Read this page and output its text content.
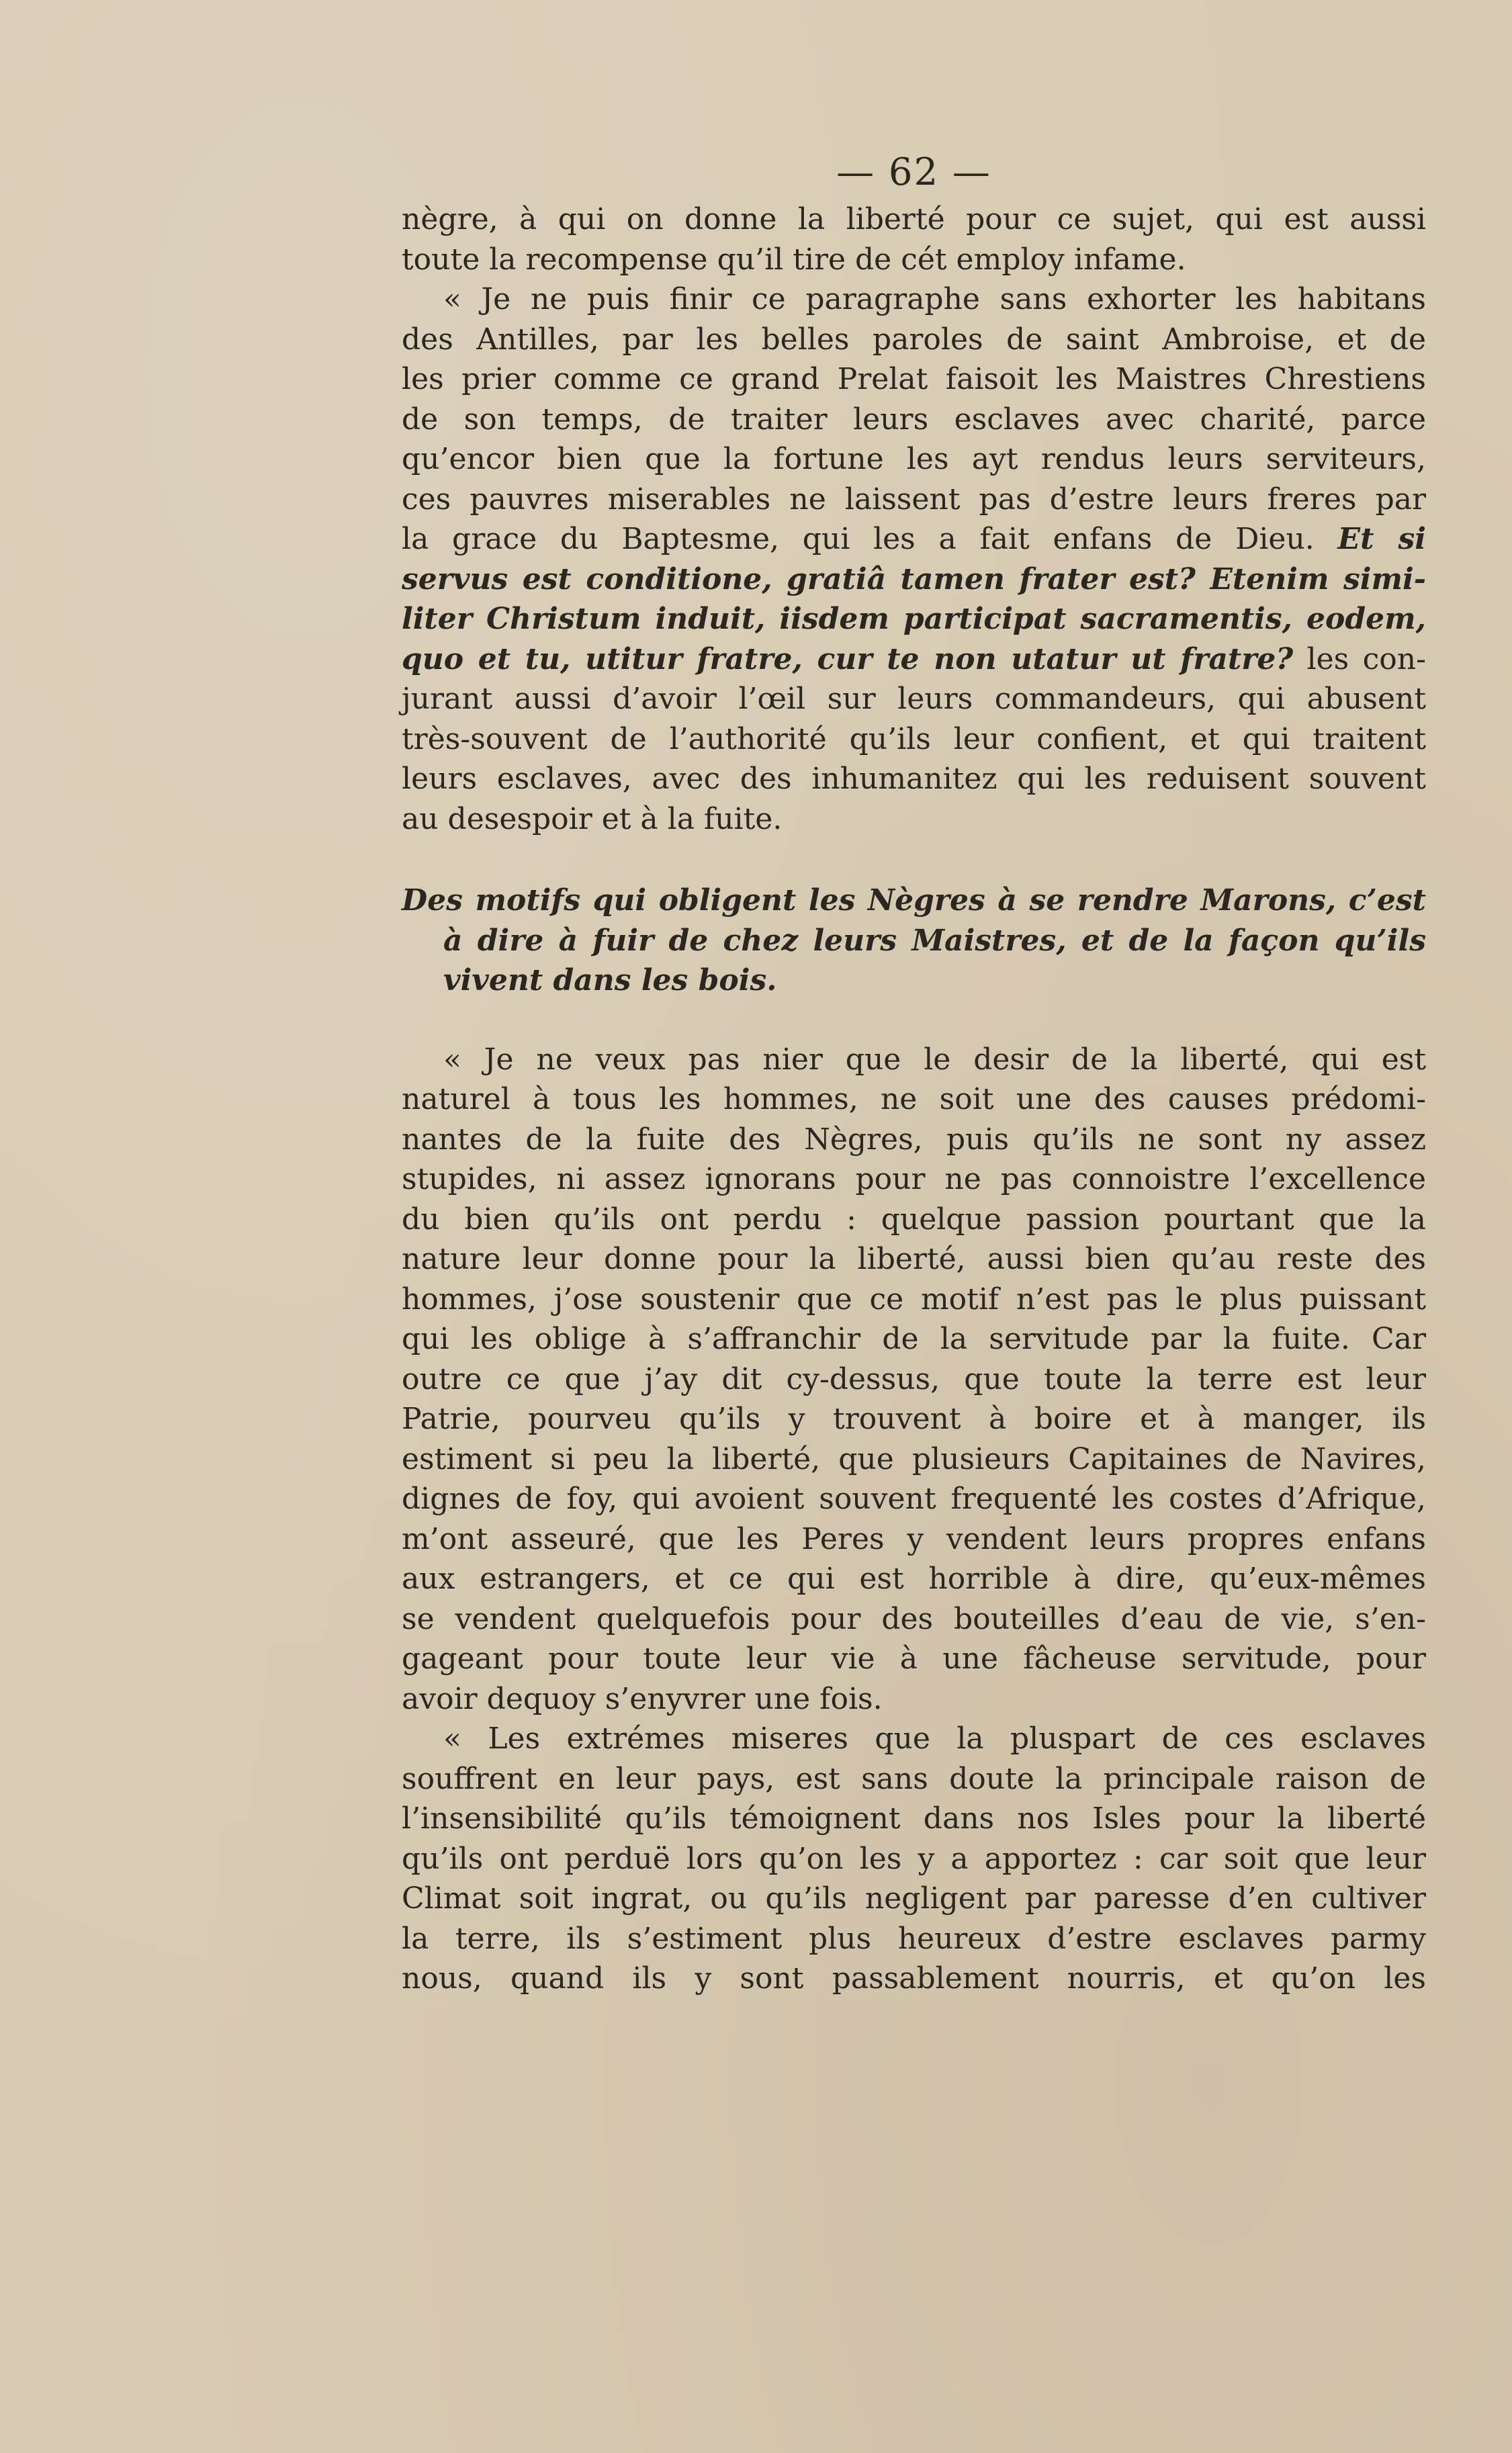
— 62 —

nègre, à qui on donne la liberté pour ce sujet, qui est aussi
toute la recompense qu’il tire de cét employ infame.

« Je ne puis finir ce paragraphe sans exhorter les habitans
des Antilles, par les belles paroles de saint Ambroise, et de
les prier comme ce grand Prelat faisoit les Maistres Chrestiens
de son temps, de traiter leurs esclaves avec charité, parce
qu’encor bien que la fortune les ayt rendus leurs serviteurs,
ces pauvres miserables ne laissent pas d’estre leurs freres par
la grace du Baptesme, qui les a fait enfans de Dieu. Et si
servus est conditione, gratiâ tamen frater est? Etenim simi-
liter Christum induit, iisdem participat sacramentis, eodem,
quo et tu, utitur fratre, cur te non utatur ut fratre? les con-
jurant aussi d’avoir l’œil sur leurs commandeurs, qui abusent
très-souvent de l’authorité qu’ils leur confient, et qui traitent
leurs esclaves, avec des inhumanitez qui les reduisent souvent
au desespoir et à la fuite.

Des motifs qui obligent les Nègres à se rendre Marons, c’est
à dire à fuir de chez leurs Maistres, et de la façon qu’ils
vivent dans les bois.

« Je ne veux pas nier que le desir de la liberté, qui est
naturel à tous les hommes, ne soit une des causes prédomi-
nantes de la fuite des Nègres, puis qu’ils ne sont ny assez
stupides, ni assez ignorans pour ne pas connoistre l’excellence
du bien qu’ils ont perdu : quelque passion pourtant que la
nature leur donne pour la liberté, aussi bien qu’au reste des
hommes, j’ose soustenir que ce motif n’est pas le plus puissant
qui les oblige à s’affranchir de la servitude par la fuite. Car
outre ce que j’ay dit cy-dessus, que toute la terre est leur
Patrie, pourveu qu’ils y trouvent à boire et à manger, ils
estiment si peu la liberté, que plusieurs Capitaines de Navires,
dignes de foy, qui avoient souvent frequenté les costes d’Afrique,
m’ont asseuré, que les Peres y vendent leurs propres enfans
aux estrangers, et ce qui est horrible à dire, qu’eux-mêmes
se vendent quelquefois pour des bouteilles d’eau de vie, s’en-
gageant pour toute leur vie à une fâcheuse servitude, pour
avoir dequoy s’enyvrer une fois.

« Les extrémes miseres que la pluspart de ces esclaves
souffrent en leur pays, est sans doute la principale raison de
l’insensibilité qu’ils témoignent dans nos Isles pour la liberté
qu’ils ont perduë lors qu’on les y a apportez : car soit que leur
Climat soit ingrat, ou qu’ils negligent par paresse d’en cultiver
la terre, ils s’estiment plus heureux d’estre esclaves parmy
nous, quand ils y sont passablement nourris, et qu’on les
